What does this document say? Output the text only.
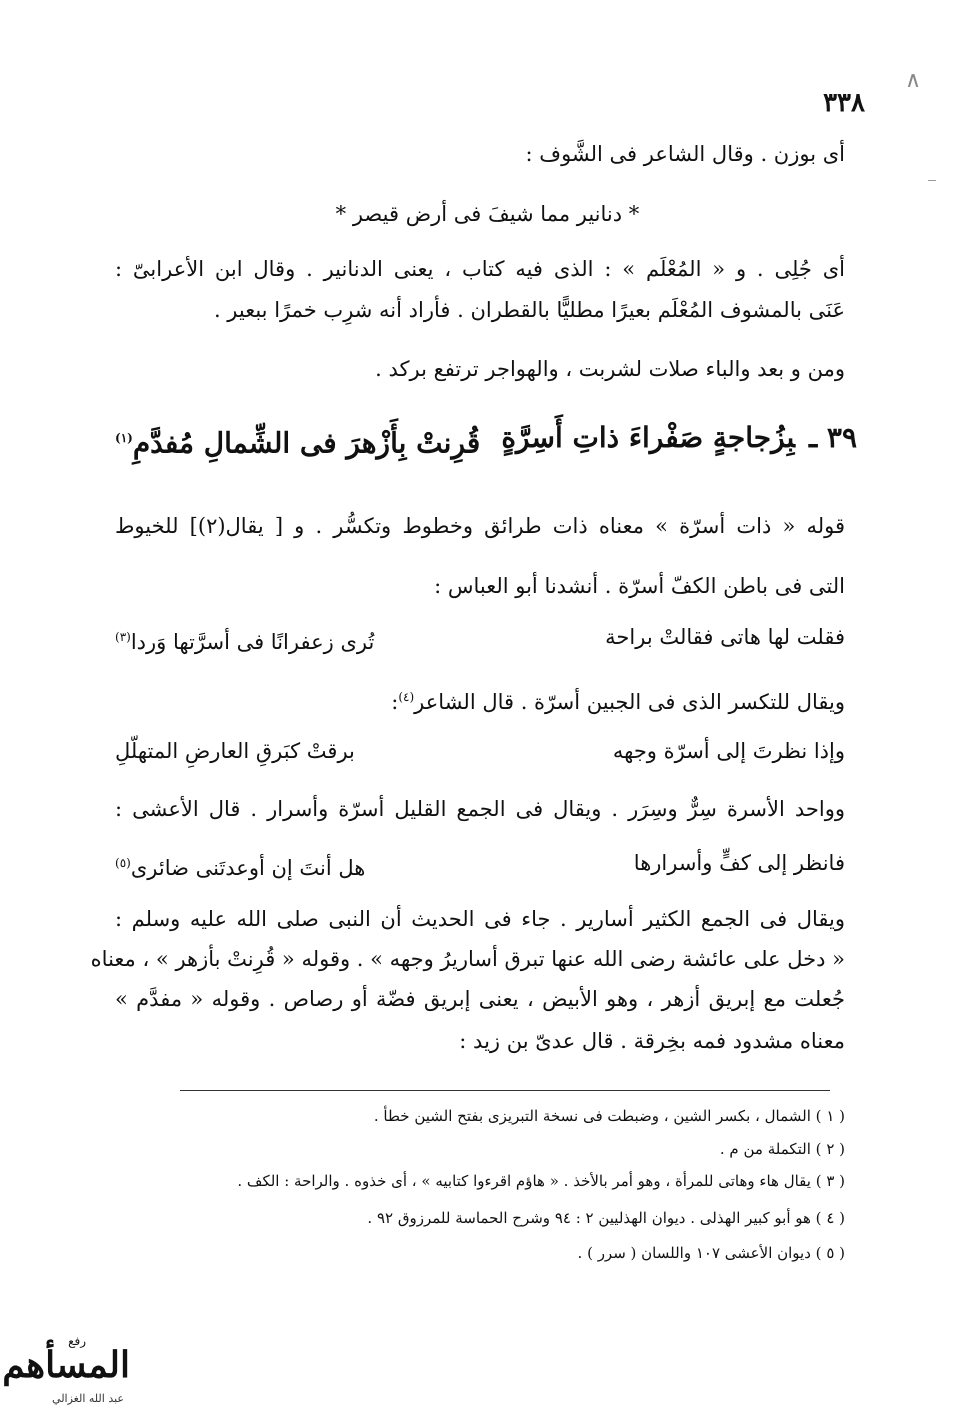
∧
٣٣٨
أى بوزن . وقال الشاعر فى الشَّوف :
* دنانير مما شيفَ فى أرض قيصر *
أى جُلِى . و « المُعْلَم » : الذى فيه كتاب ، يعنى الدنانير . وقال ابن الأعرابىّ :
عَنَى بالمشوف المُعْلَم بعيرًا مطليًّا بالقطران . فأراد أنه شرِب خمرًا ببعير .
ومن و بعد والباء صلات لشربت ، والهواجر ترتفع بركد .
٣٩ ـبِزُجاجةٍ صَفْراءَ ذاتِ أَسِرَّةٍ
قُرِنتْ بِأَزْهرَ فى الشِّمالِ مُفدَّمِ$^{(١)}$
قوله « ذات أسرّة » معناه ذات طرائق وخطوط وتكسُّر . و [ يقال(٢)] للخيوط
التى فى باطن الكفّ أسرّة . أنشدنا أبو العباس :
فقلت لها هاتى فقالتْ براحة
تُرى زعفرانًا فى أسرَّتها وَردا$^{(٣)}$
ويقال للتكسر الذى فى الجبين أسرّة . قال الشاعر$^{(٤)}$:
وإذا نظرتَ إلى أسرّة وجهه
برقتْ كبَرقِ العارضِ المتهلّلِ
وواحد الأسرة سِرٌّ وسِرَر . ويقال فى الجمع القليل أسرّة وأسرار . قال الأعشى :
فانظر إلى كفٍّ وأسرارها
هل أنتَ إن أوعدتَنى ضائرى$^{(٥)}$
ويقال فى الجمع الكثير أسارير . جاء فى الحديث أن النبى صلى الله عليه وسلم :
« دخل على عائشة رضى الله عنها تبرق أساريرُ وجهه » . وقوله « قُرِنتْ بأزهر » ، معناه
جُعلت مع إبريق أزهر ، وهو الأبيض ، يعنى إبريق فضّة أو رصاص . وقوله « مفدَّم »
معناه مشدود فمه بخِرقة . قال عدىّ بن زيد :
( ١ ) الشمال ، بكسر الشين ، وضبطت فى نسخة التبريزى بفتح الشين خطأ .
( ٢ ) التكملة من م .
( ٣ ) يقال هاء وهاتى للمرأة ، وهو أمر بالأخذ . « هاؤم اقرءوا كتابيه » ، أى خذوه . والراحة : الكف .
( ٤ ) هو أبو كبير الهذلى . ديوان الهذليين ٢ : ٩٤ وشرح الحماسة للمرزوق ٩٢ .
( ٥ ) ديوان الأعشى ١٠٧ واللسان ( سرر ) .
رفع
المسأهم
عبد الله الغزالي
